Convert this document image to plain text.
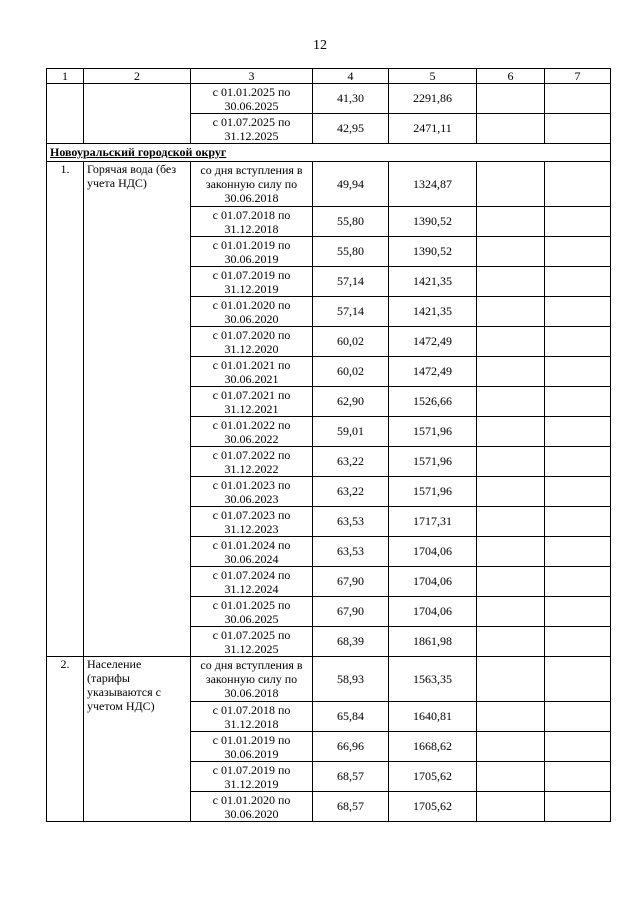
12
1	2	3	4	5	6	7
		с 01.01.2025 по 30.06.2025	41,30	2291,86		
		с 01.07.2025 по 31.12.2025	42,95	2471,11		
Новоуральский городской округ						
1.	Горячая вода (без учета НДС)	со дня вступления в законную силу по 30.06.2018	49,94	1324,87		
		с 01.07.2018 по 31.12.2018	55,80	1390,52		
		с 01.01.2019 по 30.06.2019	55,80	1390,52		
		с 01.07.2019 по 31.12.2019	57,14	1421,35		
		с 01.01.2020 по 30.06.2020	57,14	1421,35		
		с 01.07.2020 по 31.12.2020	60,02	1472,49		
		с 01.01.2021 по 30.06.2021	60,02	1472,49		
		с 01.07.2021 по 31.12.2021	62,90	1526,66		
		с 01.01.2022 по 30.06.2022	59,01	1571,96		
		с 01.07.2022 по 31.12.2022	63,22	1571,96		
		с 01.01.2023 по 30.06.2023	63,22	1571,96		
		с 01.07.2023 по 31.12.2023	63,53	1717,31		
		с 01.01.2024 по 30.06.2024	63,53	1704,06		
		с 01.07.2024 по 31.12.2024	67,90	1704,06		
		с 01.01.2025 по 30.06.2025	67,90	1704,06		
		с 01.07.2025 по 31.12.2025	68,39	1861,98		
2.	Население (тарифы указываются с учетом НДС)	со дня вступления в законную силу по 30.06.2018	58,93	1563,35		
		с 01.07.2018 по 31.12.2018	65,84	1640,81		
		с 01.01.2019 по 30.06.2019	66,96	1668,62		
		с 01.07.2019 по 31.12.2019	68,57	1705,62		
		с 01.01.2020 по 30.06.2020	68,57	1705,62		
